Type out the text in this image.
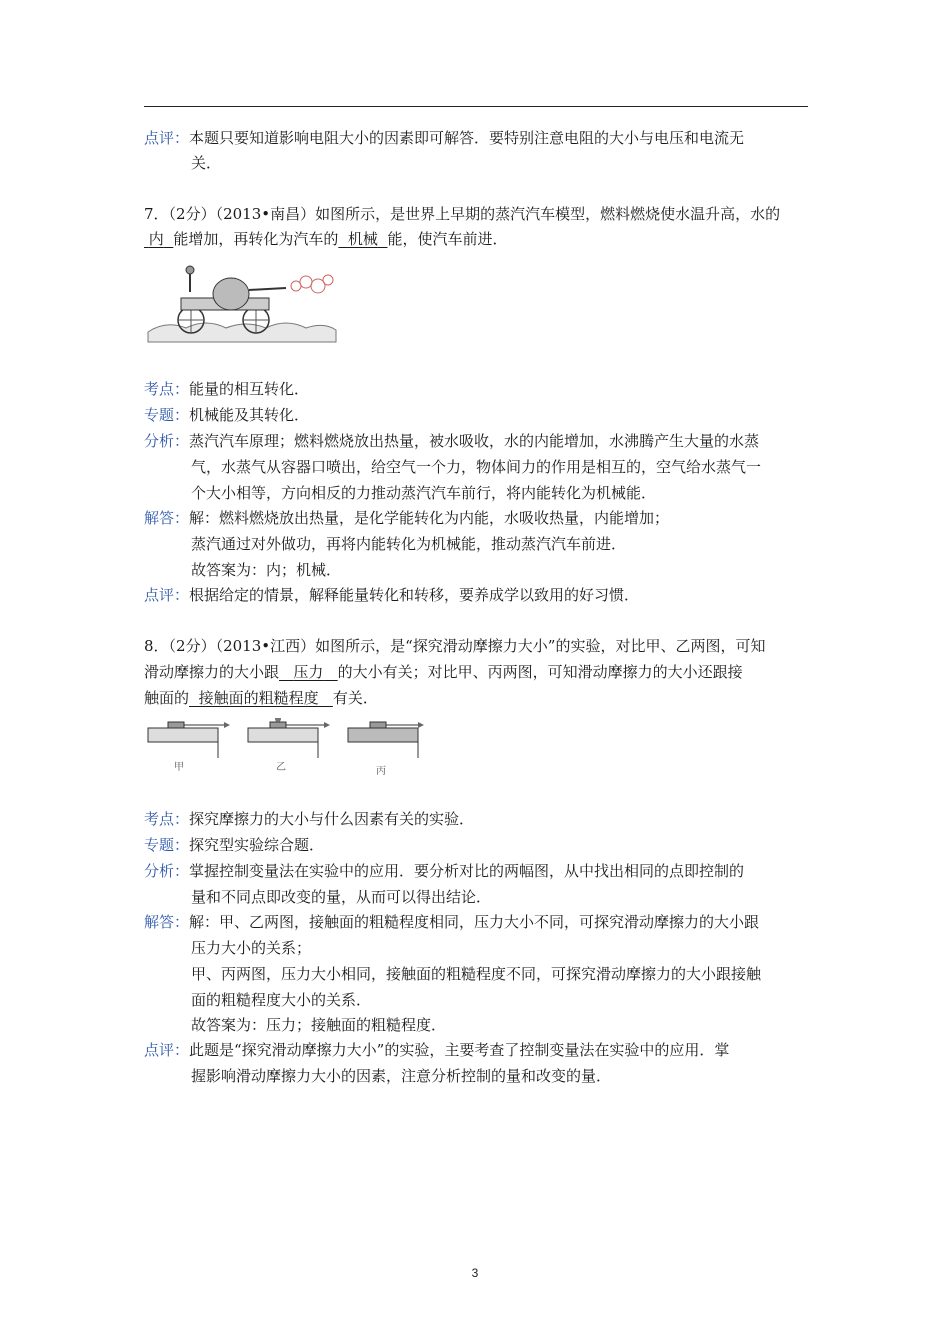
点评：本题只要知道影响电阻大小的因素即可解答．要特别注意电阻的大小与电压和电流无
关．
7．（2分）（2013•南昌）如图所示，是世界上早期的蒸汽汽车模型，燃料燃烧使水温升高，水的
内 能增加，再转化为汽车的 机械 能，使汽车前进．
考点：能量的相互转化．
专题：机械能及其转化．
分析：蒸汽汽车原理；燃料燃烧放出热量，被水吸收，水的内能增加，水沸腾产生大量的水蒸
气，水蒸气从容器口喷出，给空气一个力，物体间力的作用是相互的，空气给水蒸气一
个大小相等，方向相反的力推动蒸汽汽车前行，将内能转化为机械能．
解答：解：燃料燃烧放出热量，是化学能转化为内能，水吸收热量，内能增加；
蒸汽通过对外做功，再将内能转化为机械能，推动蒸汽汽车前进．
故答案为：内；机械．
点评：根据给定的情景，解释能量转化和转移，要养成学以致用的好习惯．
8．（2分）（2013•江西）如图所示，是“探究滑动摩擦力大小”的实验，对比甲、乙两图，可知
滑动摩擦力的大小跟 压力 的大小有关；对比甲、丙两图，可知滑动摩擦力的大小还跟接
触面的 接触面的粗糙程度 有关．
甲	乙	丙
考点：探究摩擦力的大小与什么因素有关的实验．
专题：探究型实验综合题．
分析：掌握控制变量法在实验中的应用．要分析对比的两幅图，从中找出相同的点即控制的
量和不同点即改变的量，从而可以得出结论．
解答：解：甲、乙两图，接触面的粗糙程度相同，压力大小不同，可探究滑动摩擦力的大小跟
压力大小的关系；
甲、丙两图，压力大小相同，接触面的粗糙程度不同，可探究滑动摩擦力的大小跟接触
面的粗糙程度大小的关系．
故答案为：压力；接触面的粗糙程度．
点评：此题是“探究滑动摩擦力大小”的实验，主要考查了控制变量法在实验中的应用．掌
握影响滑动摩擦力大小的因素，注意分析控制的量和改变的量．
3
